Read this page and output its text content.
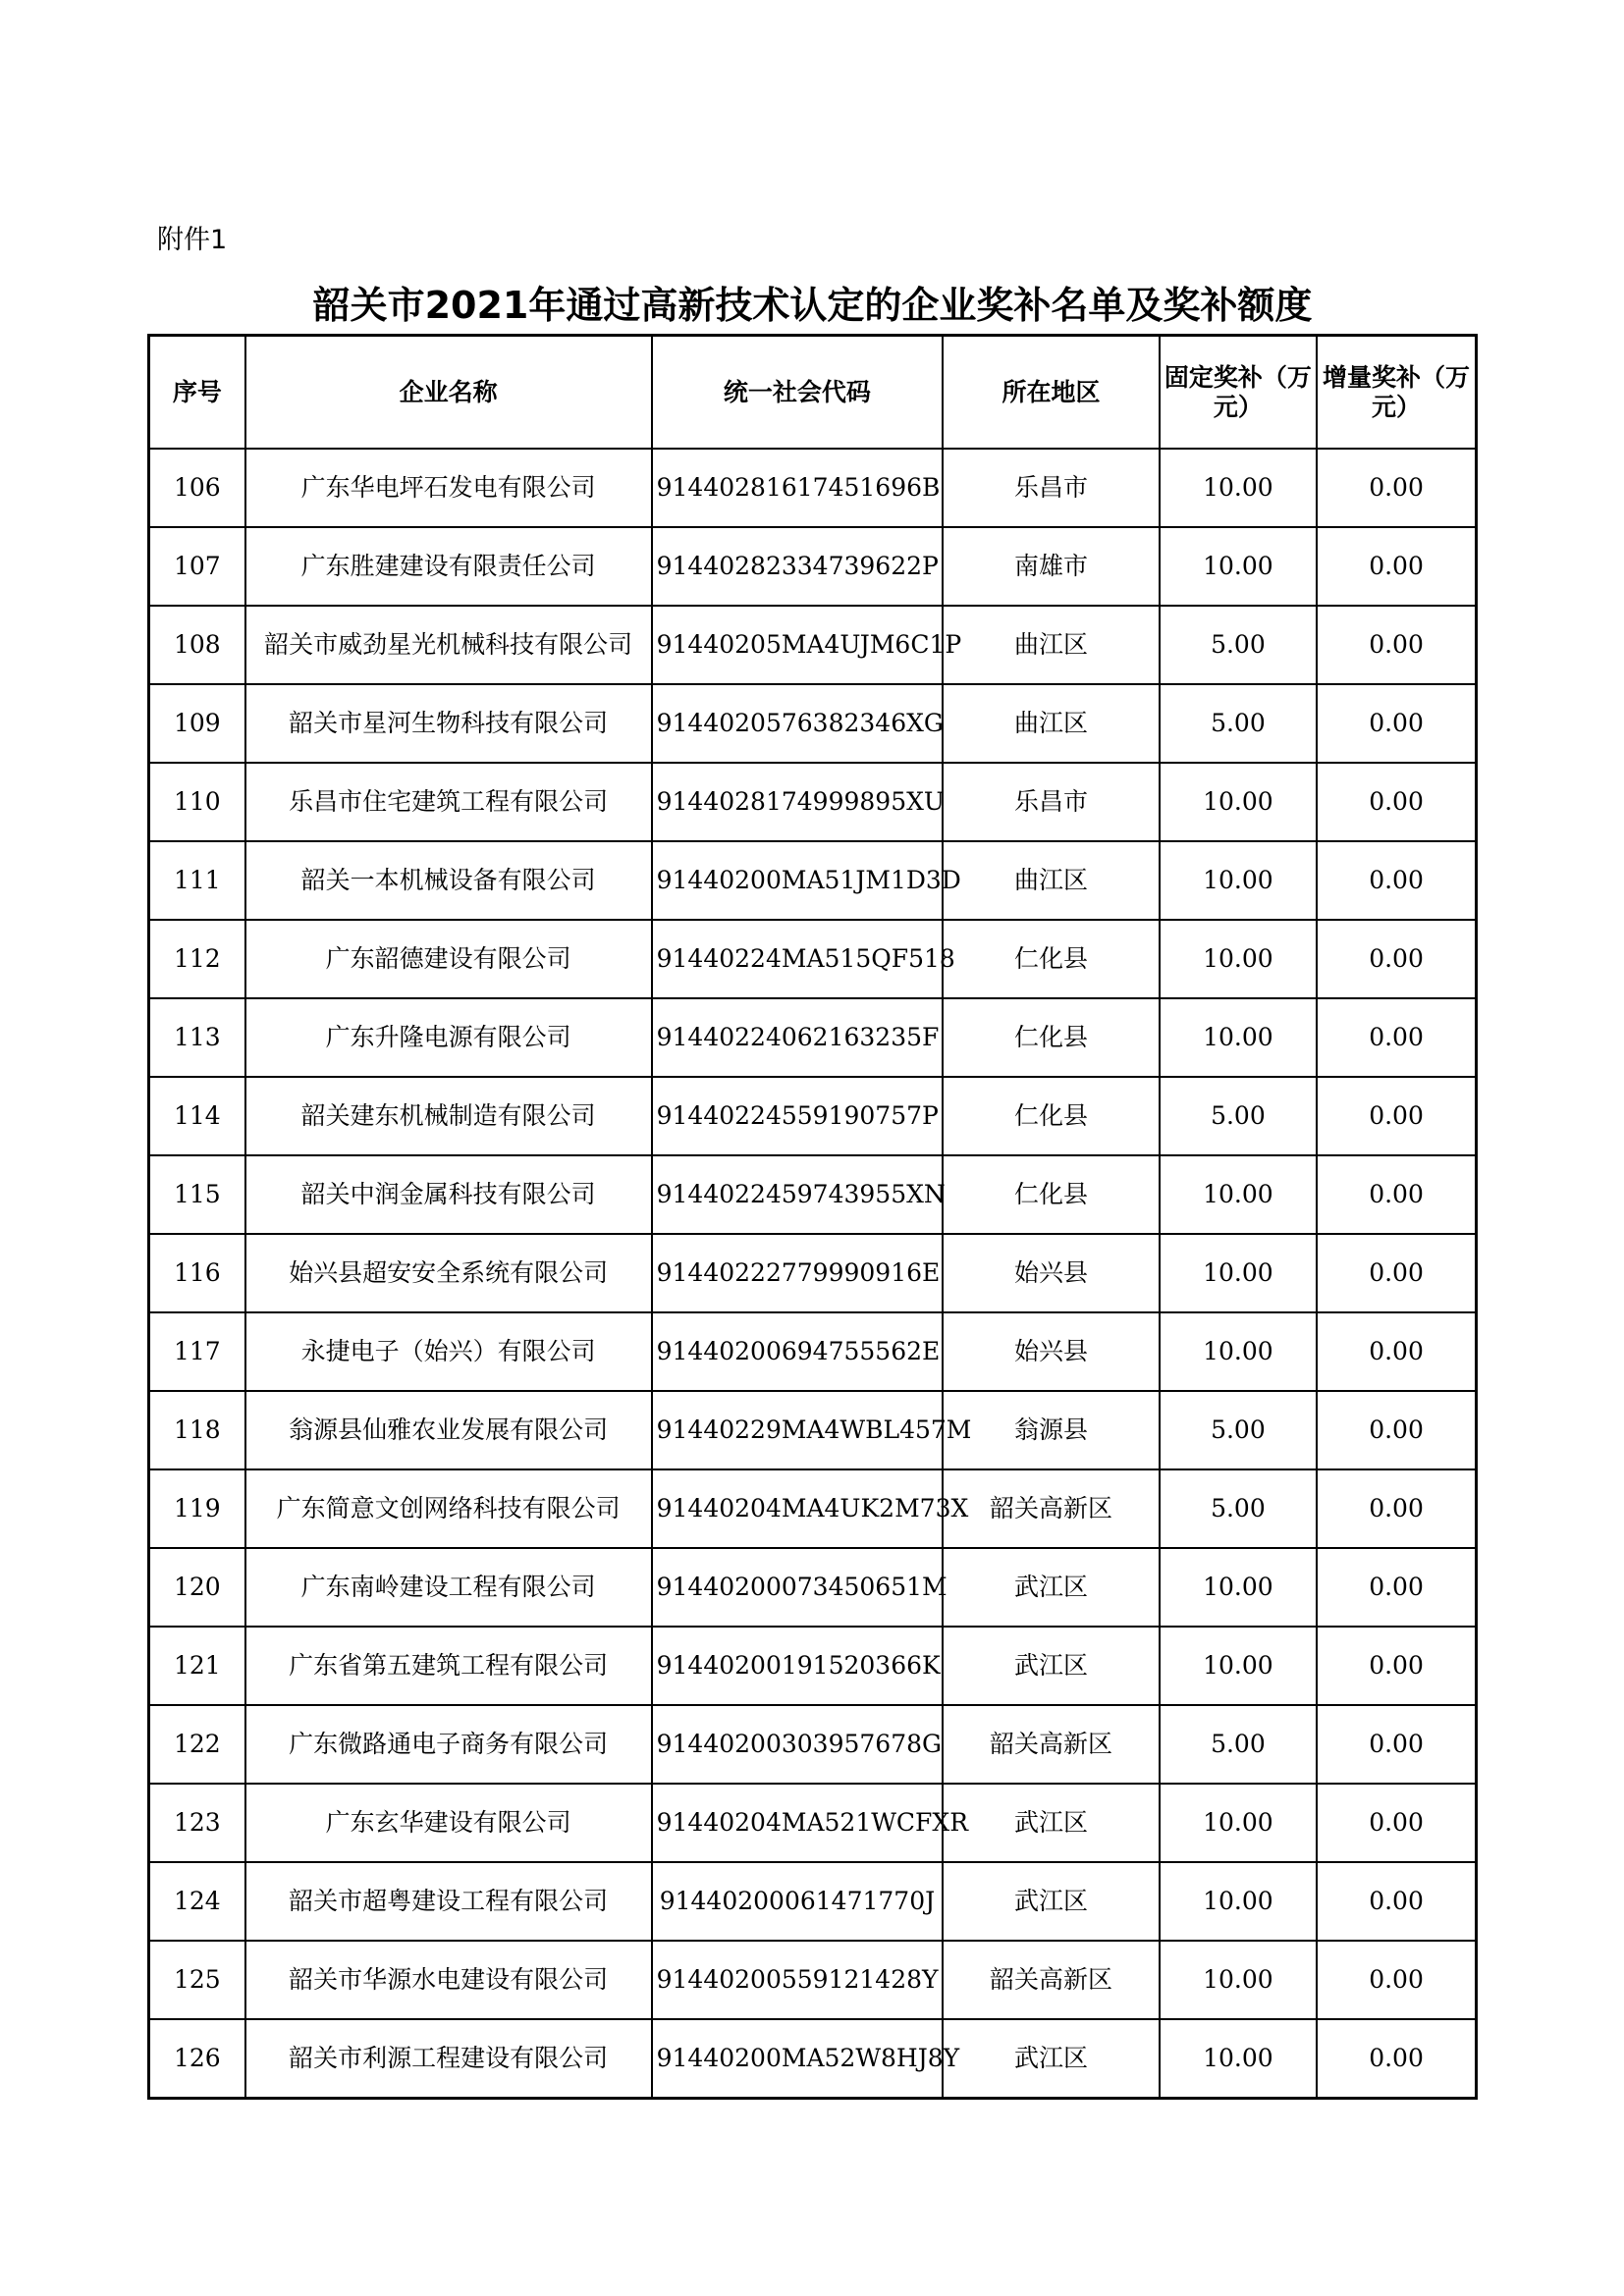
附件1
韶关市2021年通过高新技术认定的企业奖补名单及奖补额度
序号	企业名称	统一社会代码	所在地区	固定奖补（万元）	增量奖补（万元）
106	广东华电坪石发电有限公司	91440281617451696B	乐昌市	10.00	0.00
107	广东胜建建设有限责任公司	91440282334739622P	南雄市	10.00	0.00
108	韶关市威劲星光机械科技有限公司	91440205MA4UJM6C1P	曲江区	5.00	0.00
109	韶关市星河生物科技有限公司	9144020576382346XG	曲江区	5.00	0.00
110	乐昌市住宅建筑工程有限公司	9144028174999895XU	乐昌市	10.00	0.00
111	韶关一本机械设备有限公司	91440200MA51JM1D3D	曲江区	10.00	0.00
112	广东韶德建设有限公司	91440224MA515QF518	仁化县	10.00	0.00
113	广东升隆电源有限公司	91440224062163235F	仁化县	10.00	0.00
114	韶关建东机械制造有限公司	91440224559190757P	仁化县	5.00	0.00
115	韶关中润金属科技有限公司	9144022459743955XN	仁化县	10.00	0.00
116	始兴县超安安全系统有限公司	91440222779990916E	始兴县	10.00	0.00
117	永捷电子（始兴）有限公司	91440200694755562E	始兴县	10.00	0.00
118	翁源县仙雅农业发展有限公司	91440229MA4WBL457M	翁源县	5.00	0.00
119	广东简意文创网络科技有限公司	91440204MA4UK2M73X	韶关高新区	5.00	0.00
120	广东南岭建设工程有限公司	91440200073450651M	武江区	10.00	0.00
121	广东省第五建筑工程有限公司	91440200191520366K	武江区	10.00	0.00
122	广东微路通电子商务有限公司	91440200303957678G	韶关高新区	5.00	0.00
123	广东玄华建设有限公司	91440204MA521WCFXR	武江区	10.00	0.00
124	韶关市超粤建设工程有限公司	91440200061471770J	武江区	10.00	0.00
125	韶关市华源水电建设有限公司	91440200559121428Y	韶关高新区	10.00	0.00
126	韶关市利源工程建设有限公司	91440200MA52W8HJ8Y	武江区	10.00	0.00
